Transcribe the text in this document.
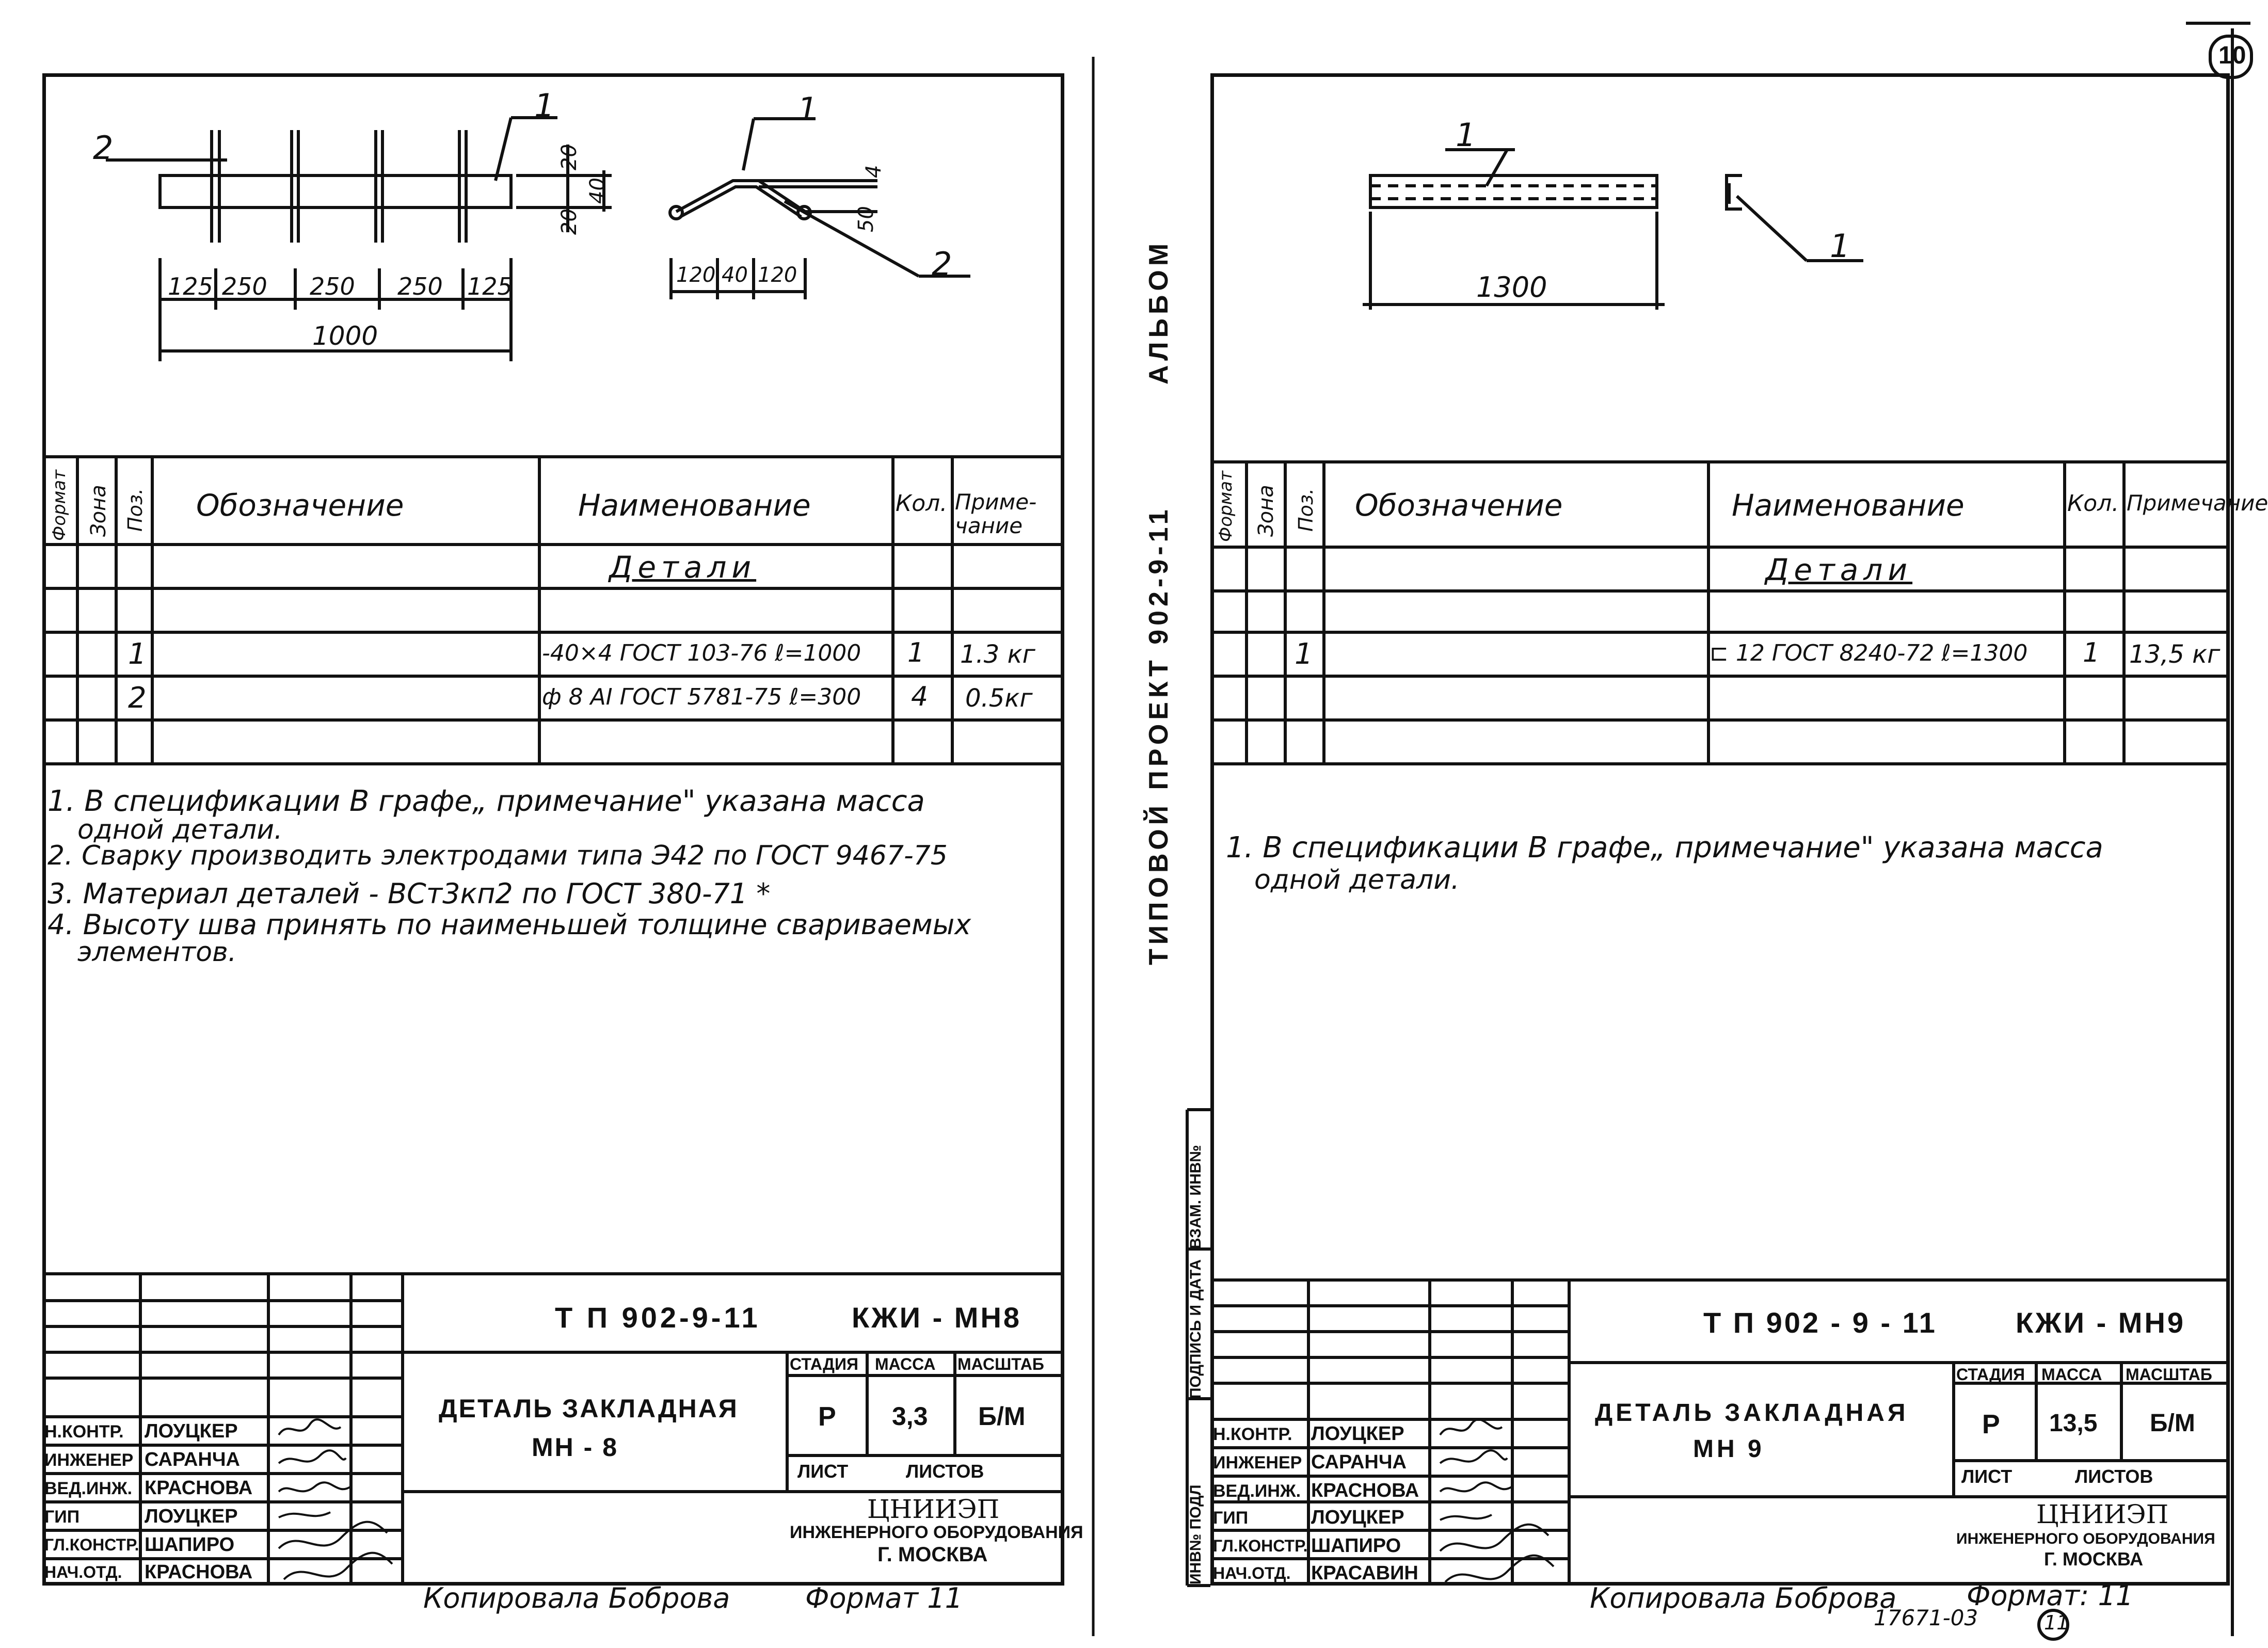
2
1
125 250 250 250 125
1000
20
40
20
1
4
50
2
120 40 120
Формат Зона Поз. Обозначение	Наименование	Кол. Приме-чание
Детали
1	-40×4 ГОСТ 103-76 ℓ=1000 1 1.3 кг
2	ф 8 АI ГОСТ 5781-75 ℓ=300 4 0.5кг
1. В спецификации В графе„ примечание" указана масса
одной детали.
2. Сварку производить электродами типа Э42 по ГОСТ 9467-75
3. Материал деталей - ВСт3кп2 по ГОСТ 380-71 *
4. Высоту шва принять по наименьшей толщине свариваемых
элементов.
Т П 902-9-11	КЖИ - МН8
ДЕТАЛЬ ЗАКЛАДНАЯ
МН - 8
СТАДИЯ МАССА МАСШТАБ
Р 3,3 Б/М
ЛИСТ	ЛИСТОВ
ЦНИИЭП
ИНЖЕНЕРНОГО ОБОРУДОВАНИЯ
Г. МОСКВА
Н.КОНТР. ЛОУЦКЕР
ИНЖЕНЕР САРАНЧА
ВЕД.ИНЖ. КРАСНОВА
ГИП	ЛОУЦКЕР
ГЛ.КОНСТР. ШАПИРО
НАЧ.ОТД. КРАСНОВА
Копировала Боброва	Формат 11
АЛЬБОМ
ТИПОВОЙ ПРОЕКТ 902-9-11
ИНВ№ ПОДЛ
ПОДПИСЬ И ДАТА
ВЗАМ. ИНВ№
1
1300
1
10
Формат Зона Поз. Обозначение	Наименование	Кол. Примечание
Детали
1	⊏ 12 ГОСТ 8240-72 ℓ=1300 1 13,5 кг
1. В спецификации В графе„ примечание" указана масса
одной детали.
Т П 902 - 9 - 11	КЖИ - МН9
ДЕТАЛЬ ЗАКЛАДНАЯ
МН 9
СТАДИЯ МАССА МАСШТАБ
Р 13,5 Б/М
ЛИСТ	ЛИСТОВ
ЦНИИЭП
ИНЖЕНЕРНОГО ОБОРУДОВАНИЯ
Г. МОСКВА
Н.КОНТР. ЛОУЦКЕР
ИНЖЕНЕР САРАНЧА
ВЕД.ИНЖ. КРАСНОВА
ГИП	ЛОУЦКЕР
ГЛ.КОНСТР. ШАПИРО
НАЧ.ОТД. КРАСАВИН
Копировала Боброва	Формат: 11
17671-03	11
